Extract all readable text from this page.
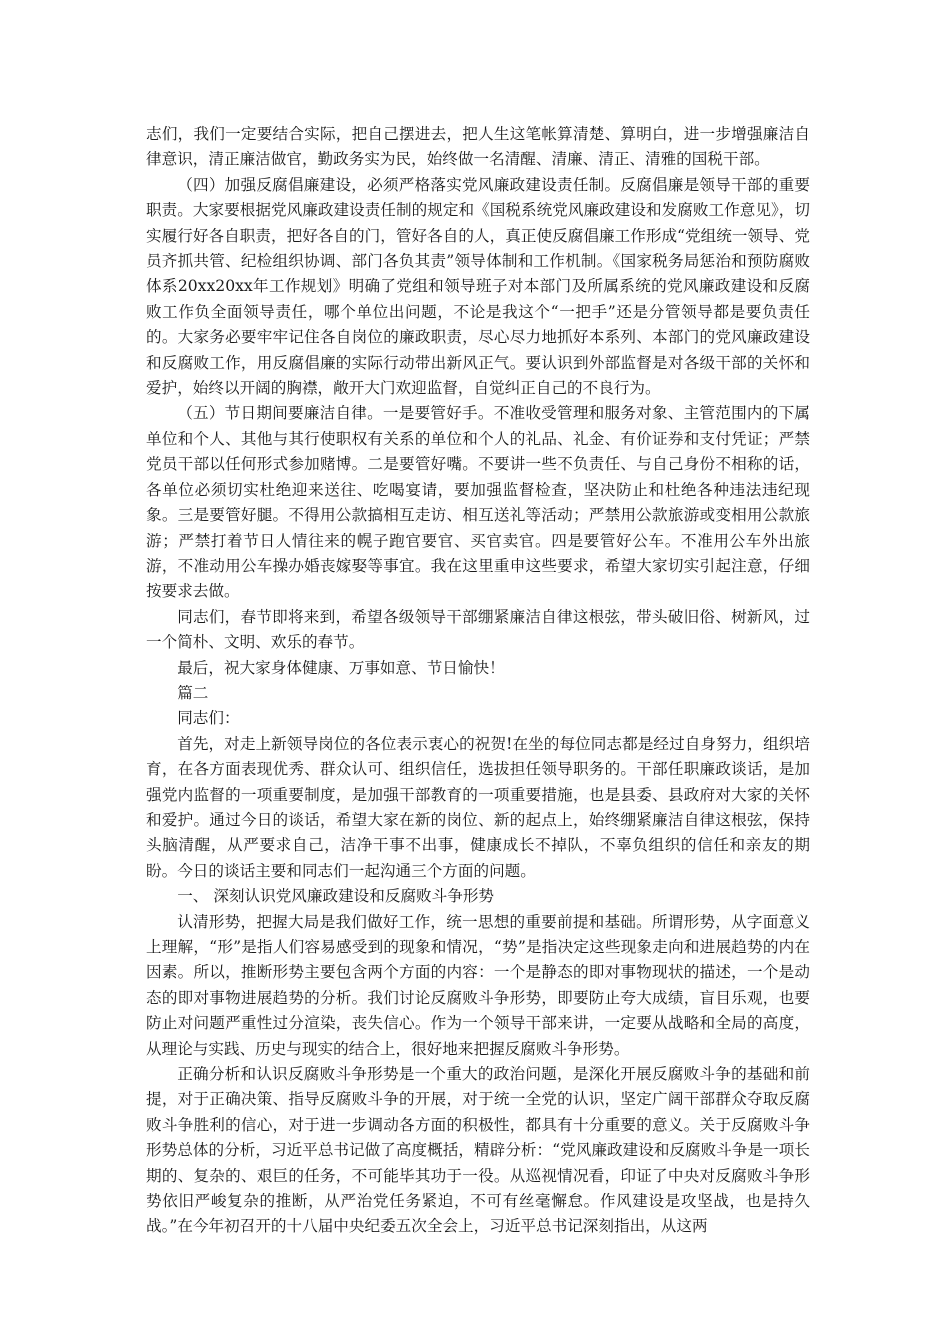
志们，我们一定要结合实际，把自己摆进去，把人生这笔帐算清楚、算明白，进一步增强廉洁自律意识，清正廉洁做官，勤政务实为民，始终做一名清醒、清廉、清正、清雅的国税干部。

（四）加强反腐倡廉建设，必须严格落实党风廉政建设责任制。反腐倡廉是领导干部的重要职责。大家要根据党风廉政建设责任制的规定和《国税系统党风廉政建设和发腐败工作意见》，切实履行好各自职责，把好各自的门，管好各自的人，真正使反腐倡廉工作形成“党组统一领导、党员齐抓共管、纪检组织协调、部门各负其责”领导体制和工作机制。《国家税务局惩治和预防腐败体系20xx20xx年工作规划》明确了党组和领导班子对本部门及所属系统的党风廉政建设和反腐败工作负全面领导责任，哪个单位出问题，不论是我这个“一把手”还是分管领导都是要负责任的。大家务必要牢牢记住各自岗位的廉政职责，尽心尽力地抓好本系列、本部门的党风廉政建设和反腐败工作，用反腐倡廉的实际行动带出新风正气。要认识到外部监督是对各级干部的关怀和爱护，始终以开阔的胸襟，敞开大门欢迎监督，自觉纠正自己的不良行为。

（五）节日期间要廉洁自律。一是要管好手。不准收受管理和服务对象、主管范围内的下属单位和个人、其他与其行使职权有关系的单位和个人的礼品、礼金、有价证券和支付凭证；严禁党员干部以任何形式参加赌博。二是要管好嘴。不要讲一些不负责任、与自己身份不相称的话，各单位必须切实杜绝迎来送往、吃喝宴请，要加强监督检查，坚决防止和杜绝各种违法违纪现象。三是要管好腿。不得用公款搞相互走访、相互送礼等活动；严禁用公款旅游或变相用公款旅游；严禁打着节日人情往来的幌子跑官要官、买官卖官。四是要管好公车。不准用公车外出旅游，不准动用公车操办婚丧嫁娶等事宜。我在这里重申这些要求，希望大家切实引起注意，仔细按要求去做。

同志们，春节即将来到，希望各级领导干部绷紧廉洁自律这根弦，带头破旧俗、树新风，过一个简朴、文明、欢乐的春节。

最后，祝大家身体健康、万事如意、节日愉快！

篇二

同志们：

首先，对走上新领导岗位的各位表示衷心的祝贺!在坐的每位同志都是经过自身努力，组织培育，在各方面表现优秀、群众认可、组织信任，选拔担任领导职务的。干部任职廉政谈话，是加强党内监督的一项重要制度，是加强干部教育的一项重要措施，也是县委、县政府对大家的关怀和爱护。通过今日的谈话，希望大家在新的岗位、新的起点上，始终绷紧廉洁自律这根弦，保持头脑清醒，从严要求自己，洁净干事不出事，健康成长不掉队，不辜负组织的信任和亲友的期盼。今日的谈话主要和同志们一起沟通三个方面的问题。

一、 深刻认识党风廉政建设和反腐败斗争形势

认清形势，把握大局是我们做好工作，统一思想的重要前提和基础。所谓形势，从字面意义上理解，“形”是指人们容易感受到的现象和情况，“势”是指决定这些现象走向和进展趋势的内在因素。所以，推断形势主要包含两个方面的内容：一个是静态的即对事物现状的描述，一个是动态的即对事物进展趋势的分析。我们讨论反腐败斗争形势，即要防止夸大成绩，盲目乐观，也要防止对问题严重性过分渲染，丧失信心。作为一个领导干部来讲，一定要从战略和全局的高度，从理论与实践、历史与现实的结合上，很好地来把握反腐败斗争形势。

正确分析和认识反腐败斗争形势是一个重大的政治问题，是深化开展反腐败斗争的基础和前提，对于正确决策、指导反腐败斗争的开展，对于统一全党的认识，坚定广阔干部群众夺取反腐败斗争胜利的信心，对于进一步调动各方面的积极性，都具有十分重要的意义。关于反腐败斗争形势总体的分析，习近平总书记做了高度概括，精辟分析：“党风廉政建设和反腐败斗争是一项长期的、复杂的、艰巨的任务，不可能毕其功于一役。从巡视情况看，印证了中央对反腐败斗争形势依旧严峻复杂的推断，从严治党任务紧迫，不可有丝毫懈怠。作风建设是攻坚战，也是持久战。”在今年初召开的十八届中央纪委五次全会上，习近平总书记深刻指出，从这两
